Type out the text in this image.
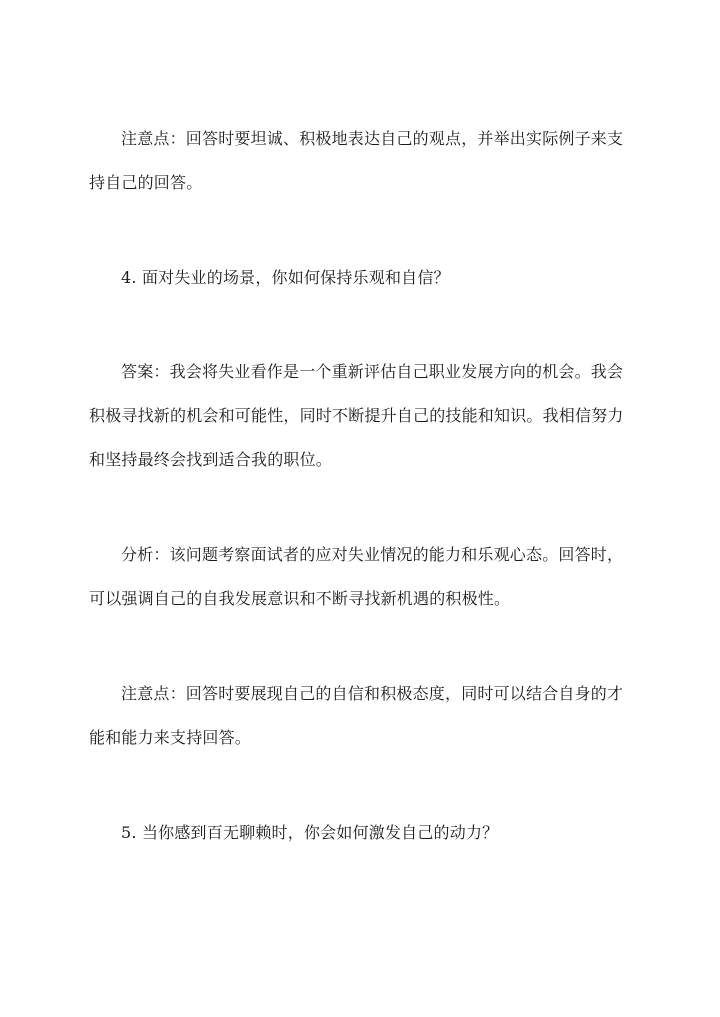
注意点：回答时要坦诚、积极地表达自己的观点，并举出实际例子来支持自己的回答。

4. 面对失业的场景，你如何保持乐观和自信？

答案：我会将失业看作是一个重新评估自己职业发展方向的机会。我会积极寻找新的机会和可能性，同时不断提升自己的技能和知识。我相信努力和坚持最终会找到适合我的职位。

分析：该问题考察面试者的应对失业情况的能力和乐观心态。回答时，可以强调自己的自我发展意识和不断寻找新机遇的积极性。

注意点：回答时要展现自己的自信和积极态度，同时可以结合自身的才能和能力来支持回答。

5. 当你感到百无聊赖时，你会如何激发自己的动力？
